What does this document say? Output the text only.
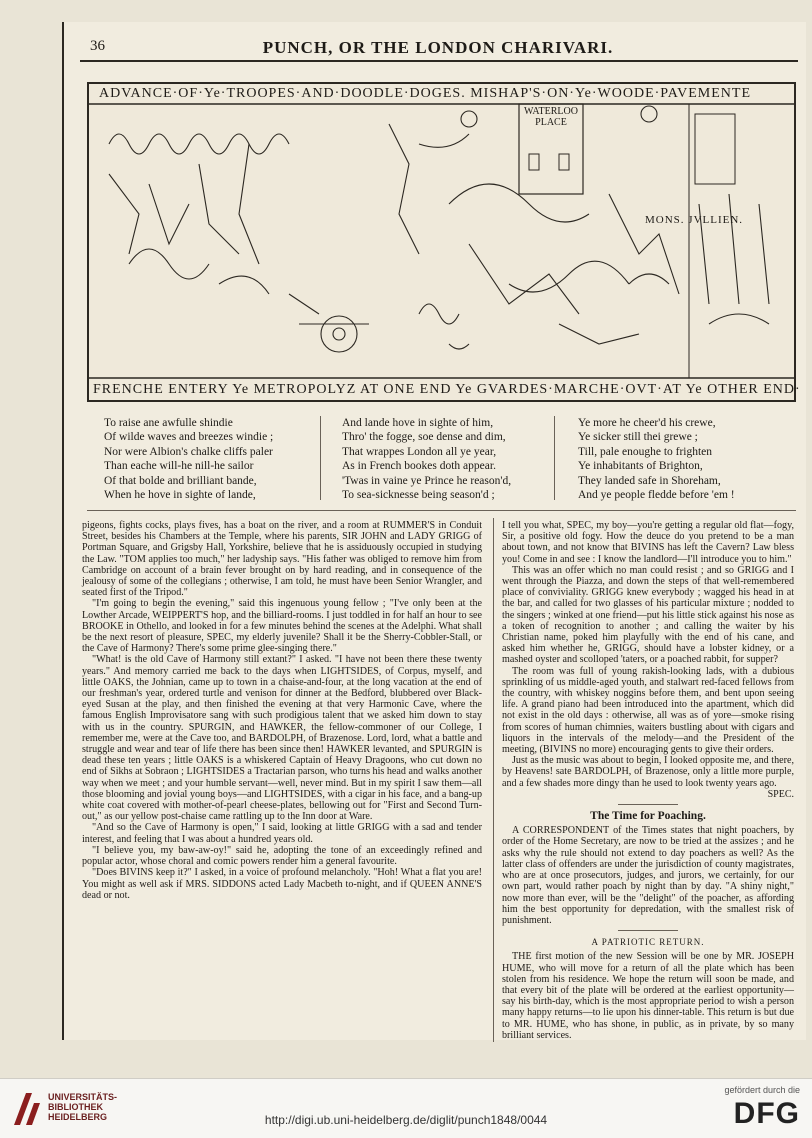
36	PUNCH, OR THE LONDON CHARIVARI.
ADVANCE·OF·Ye·TROOPES·AND·DOODLE·DOGES. MISHAP'S·ON·Ye·WOODE·PAVEMENTE
WATERLOO PLACE
MONS. JVLLIEN.
FRENCHE ENTERY Ye METROPOLYZ AT ONE END Ye GVARDES·MARCHE·OVT·AT Ye OTHER END·
To raise ane awfulle shindie
Of wilde waves and breezes windie ;
Nor were Albion's chalke cliffs paler
Than eache will-he nill-he sailor
Of that bolde and brilliant bande,
When he hove in sighte of lande,
And lande hove in sighte of him,
Thro' the fogge, soe dense and dim,
That wrappes London all ye year,
As in French bookes doth appear.
'Twas in vaine ye Prince he reason'd,
To sea-sicknesse being season'd ;
Ye more he cheer'd his crewe,
Ye sicker still thei grewe ;
Till, pale enoughe to frighten
Ye inhabitants of Brighton,
They landed safe in Shoreham,
And ye people fledde before 'em !

pigeons, fights cocks, plays fives, has a boat on the river, and a room at RUMMER'S in Conduit Street, besides his Chambers at the Temple, where his parents, SIR JOHN and LADY GRIGG of Portman Square, and Grigsby Hall, Yorkshire, believe that he is assiduously occupied in studying the Law. "TOM applies too much," her ladyship says. "His father was obliged to remove him from Cambridge on account of a brain fever brought on by hard reading, and in consequence of the jealousy of some of the collegians ; otherwise, I am told, he must have been Senior Wrangler, and seated first of the Tripod."

"I'm going to begin the evening," said this ingenuous young fellow ; "I've only been at the Lowther Arcade, WEIPPERT'S hop, and the billiard-rooms. I just toddled in for half an hour to see BROOKE in Othello, and looked in for a few minutes behind the scenes at the Adelphi. What shall be the next resort of pleasure, SPEC, my elderly juvenile? Shall it be the Sherry-Cobbler-Stall, or the Cave of Harmony? There's some prime glee-singing there."

"What! is the old Cave of Harmony still extant?" I asked. "I have not been there these twenty years." And memory carried me back to the days when LIGHTSIDES, of Corpus, myself, and little OAKS, the Johnian, came up to town in a chaise-and-four, at the long vacation at the end of our freshman's year, ordered turtle and venison for dinner at the Bedford, blubbered over Black-eyed Susan at the play, and then finished the evening at that very Harmonic Cave, where the famous English Improvisatore sang with such prodigious talent that we asked him down to stay with us in the country. SPURGIN, and HAWKER, the fellow-commoner of our College, I remember me, were at the Cave too, and BARDOLPH, of Brazenose. Lord, lord, what a battle and struggle and wear and tear of life there has been since then! HAWKER levanted, and SPURGIN is dead these ten years ; little OAKS is a whiskered Captain of Heavy Dragoons, who cut down no end of Sikhs at Sobraon ; LIGHTSIDES a Tractarian parson, who turns his head and walks another way when we meet ; and your humble servant—well, never mind. But in my spirit I saw them—all those blooming and jovial young boys—and LIGHTSIDES, with a cigar in his face, and a bang-up white coat covered with mother-of-pearl cheese-plates, bellowing out for "First and Second Turn-out," as our yellow post-chaise came rattling up to the Inn door at Ware.

"And so the Cave of Harmony is open," I said, looking at little GRIGG with a sad and tender interest, and feeling that I was about a hundred years old.

"I believe you, my baw-aw-oy!" said he, adopting the tone of an exceedingly refined and popular actor, whose choral and comic powers render him a general favourite.

"Does BIVINS keep it?" I asked, in a voice of profound melancholy. "Hoh! What a flat you are! You might as well ask if MRS. SIDDONS acted Lady Macbeth to-night, and if QUEEN ANNE'S dead or not.

I tell you what, SPEC, my boy—you're getting a regular old flat—fogy, Sir, a positive old fogy. How the deuce do you pretend to be a man about town, and not know that BIVINS has left the Cavern? Law bless you! Come in and see : I know the landlord—I'll introduce you to him."

This was an offer which no man could resist ; and so GRIGG and I went through the Piazza, and down the steps of that well-remembered place of conviviality. GRIGG knew everybody ; wagged his head in at the bar, and called for two glasses of his particular mixture ; nodded to the singers ; winked at one friend—put his little stick against his nose as a token of recognition to another ; and calling the waiter by his Christian name, poked him playfully with the end of his cane, and asked him whether he, GRIGG, should have a lobster kidney, or a mashed oyster and scolloped 'taters, or a poached rabbit, for supper?

The room was full of young rakish-looking lads, with a dubious sprinkling of us middle-aged youth, and stalwart red-faced fellows from the country, with whiskey noggins before them, and bent upon seeing life. A grand piano had been introduced into the apartment, which did not exist in the old days : otherwise, all was as of yore—smoke rising from scores of human chimnies, waiters bustling about with cigars and liquors in the intervals of the melody—and the President of the meeting, (BIVINS no more) encouraging gents to give their orders.

Just as the music was about to begin, I looked opposite me, and there, by Heavens! sate BARDOLPH, of Brazenose, only a little more purple, and a few shades more dingy than he used to look twenty years ago.

SPEC.

The Time for Poaching.

A CORRESPONDENT of the Times states that night poachers, by order of the Home Secretary, are now to be tried at the assizes ; and he asks why the rule should not extend to day poachers as well? As the latter class of offenders are under the jurisdiction of county magistrates, who are at once prosecutors, judges, and jurors, we certainly, for our own part, would rather poach by night than by day. "A shiny night," now more than ever, will be the "delight" of the poacher, as affording him the best opportunity for depredation, with the smallest risk of punishment.

A PATRIOTIC RETURN.

THE first motion of the new Session will be one by MR. JOSEPH HUME, who will move for a return of all the plate which has been stolen from his residence. We hope the return will soon be made, and that every bit of the plate will be ordered at the earliest opportunity—say his birth-day, which is the most appropriate period to wish a person many happy returns—to lie upon his dinner-table. This return is but due to MR. HUME, who has shone, in public, as in private, by so many brilliant services.

UNIVERSITÄTS-
BIBLIOTHEK
HEIDELBERG	http://digi.ub.uni-heidelberg.de/diglit/punch1848/0044
gefördert durch die
DFG
